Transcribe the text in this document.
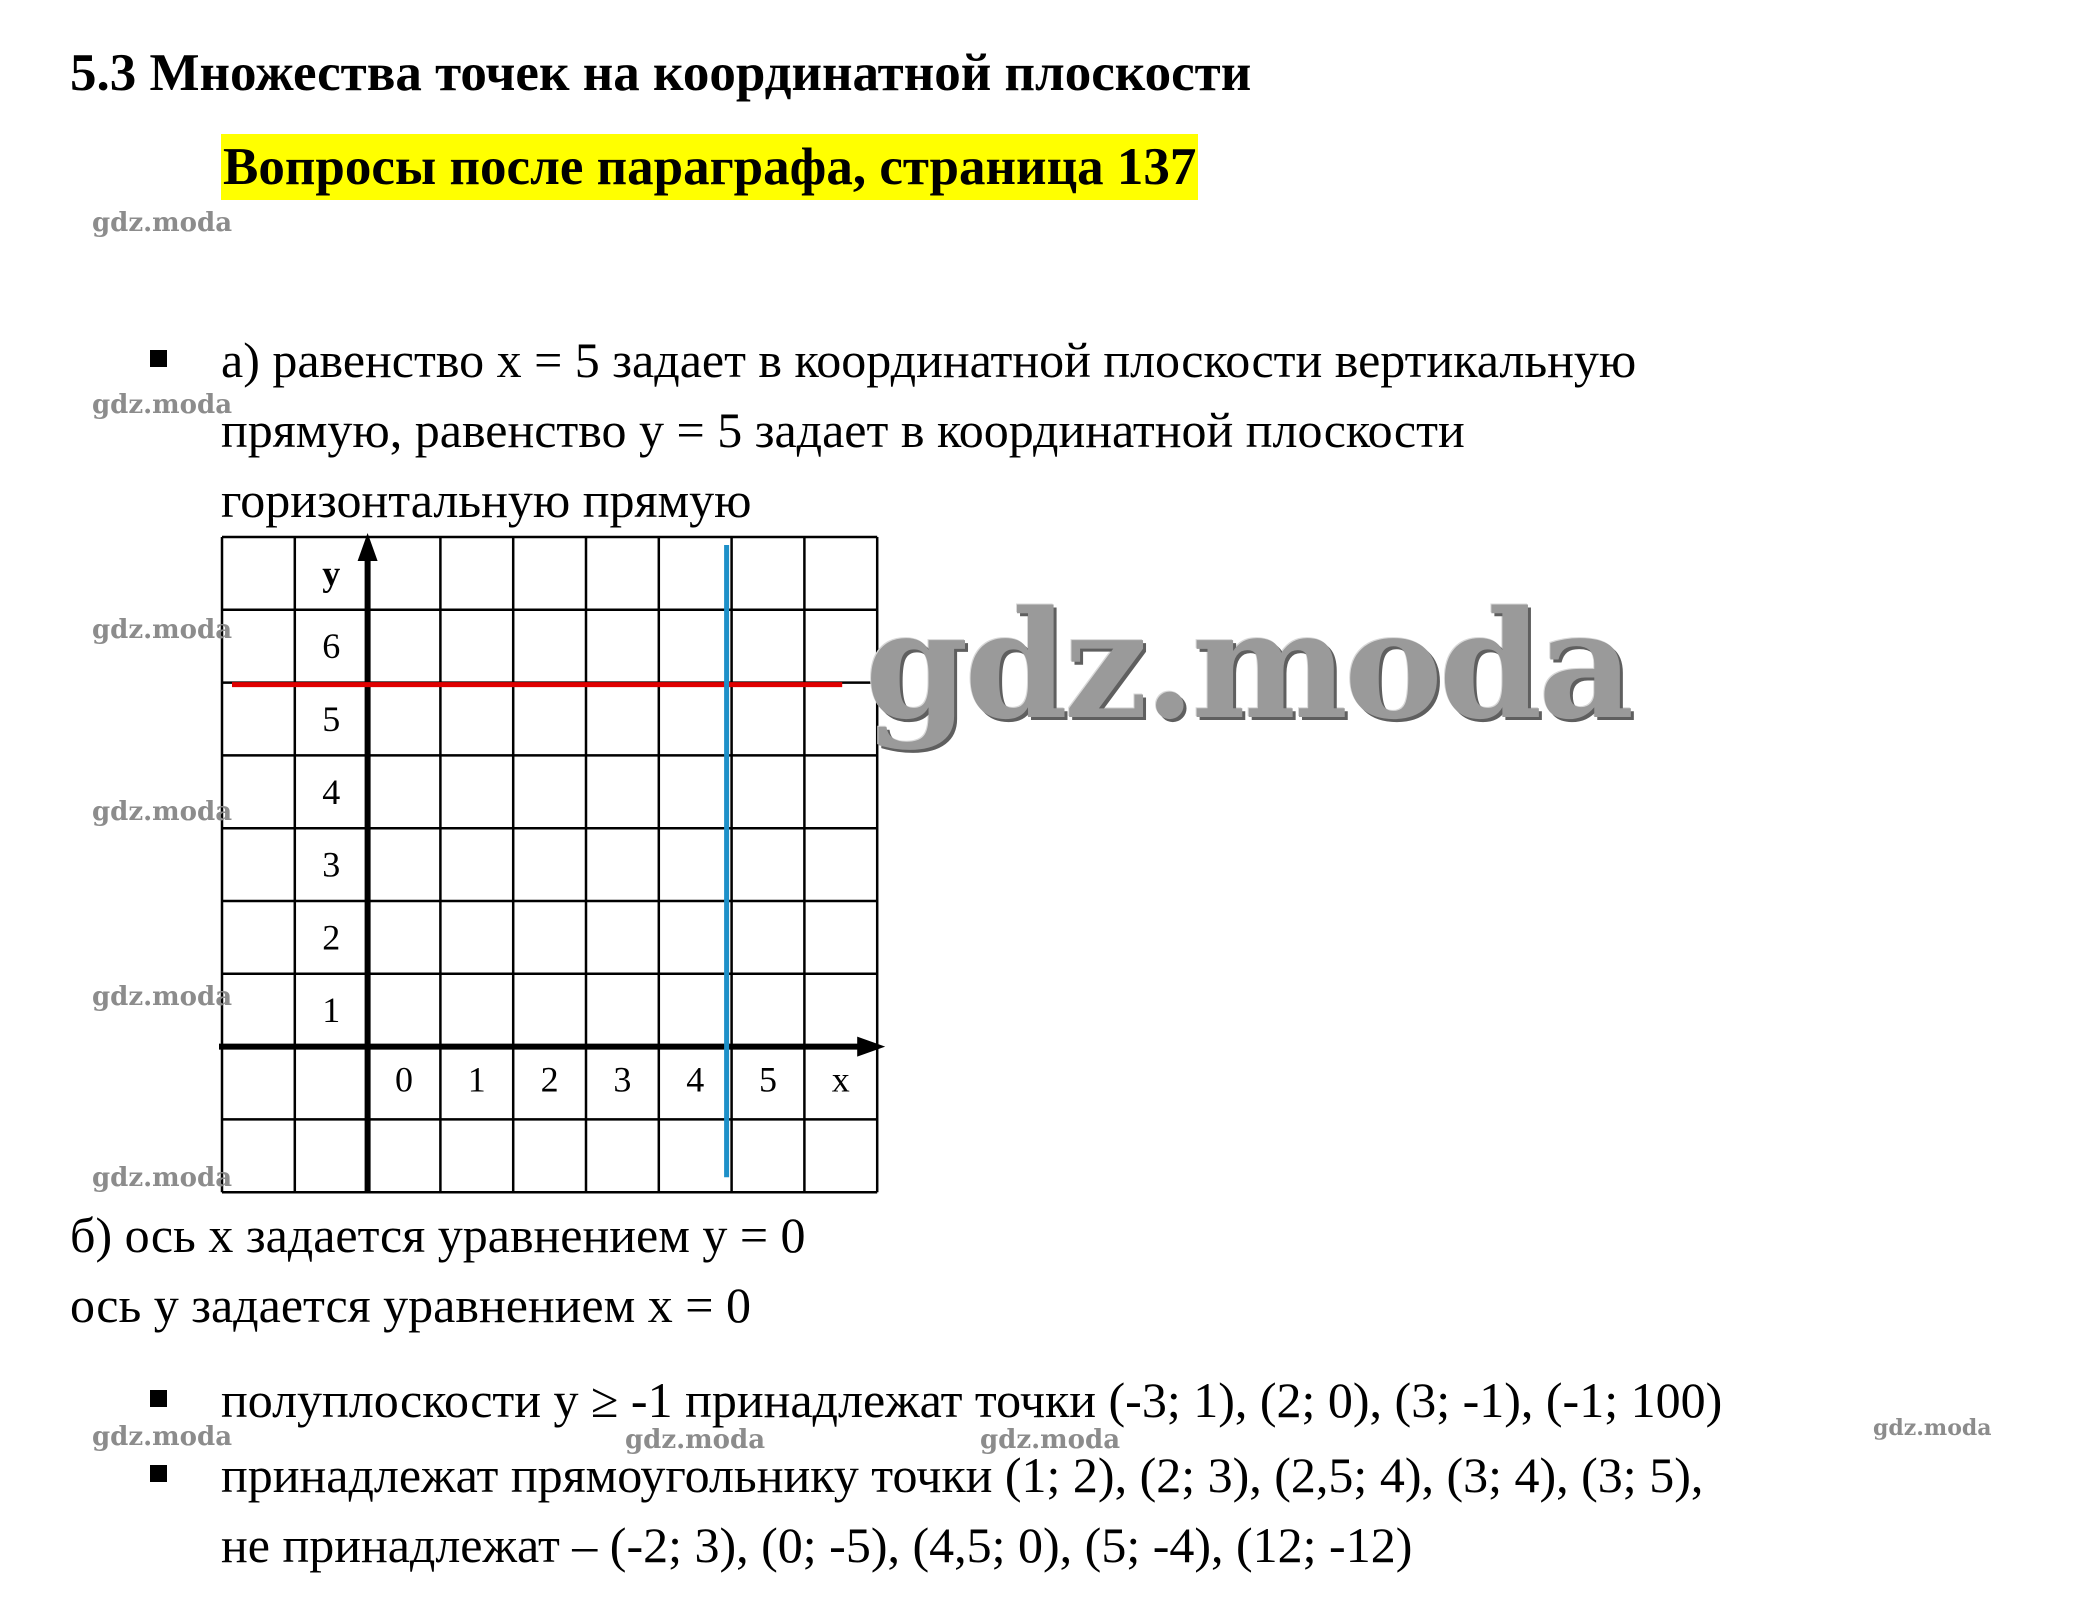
5.3 Множества точек на координатной плоскости
Вопросы после параграфа, страница 137
а) равенство x = 5 задает в координатной плоскости вертикальную
прямую, равенство y = 5 задает в координатной плоскости
горизонтальную прямую
0 1 2 3 4 5 x
1
2
3
4
5
6
y
б) ось x задается уравнением y = 0
ось y задается уравнением x = 0
полуплоскости y ≥ -1 принадлежат точки (-3; 1), (2; 0), (3; -1), (-1; 100)
принадлежат прямоугольнику точки (1; 2), (2; 3), (2,5; 4), (3; 4), (3; 5),
не принадлежат – (-2; 3), (0; -5), (4,5; 0), (5; -4), (12; -12)
gdz.moda
gdz.moda
gdz.moda
gdz.moda
gdz.moda
gdz.moda
gdz.moda	gdz.moda	gdz.moda	gdz.moda
gdz.moda
